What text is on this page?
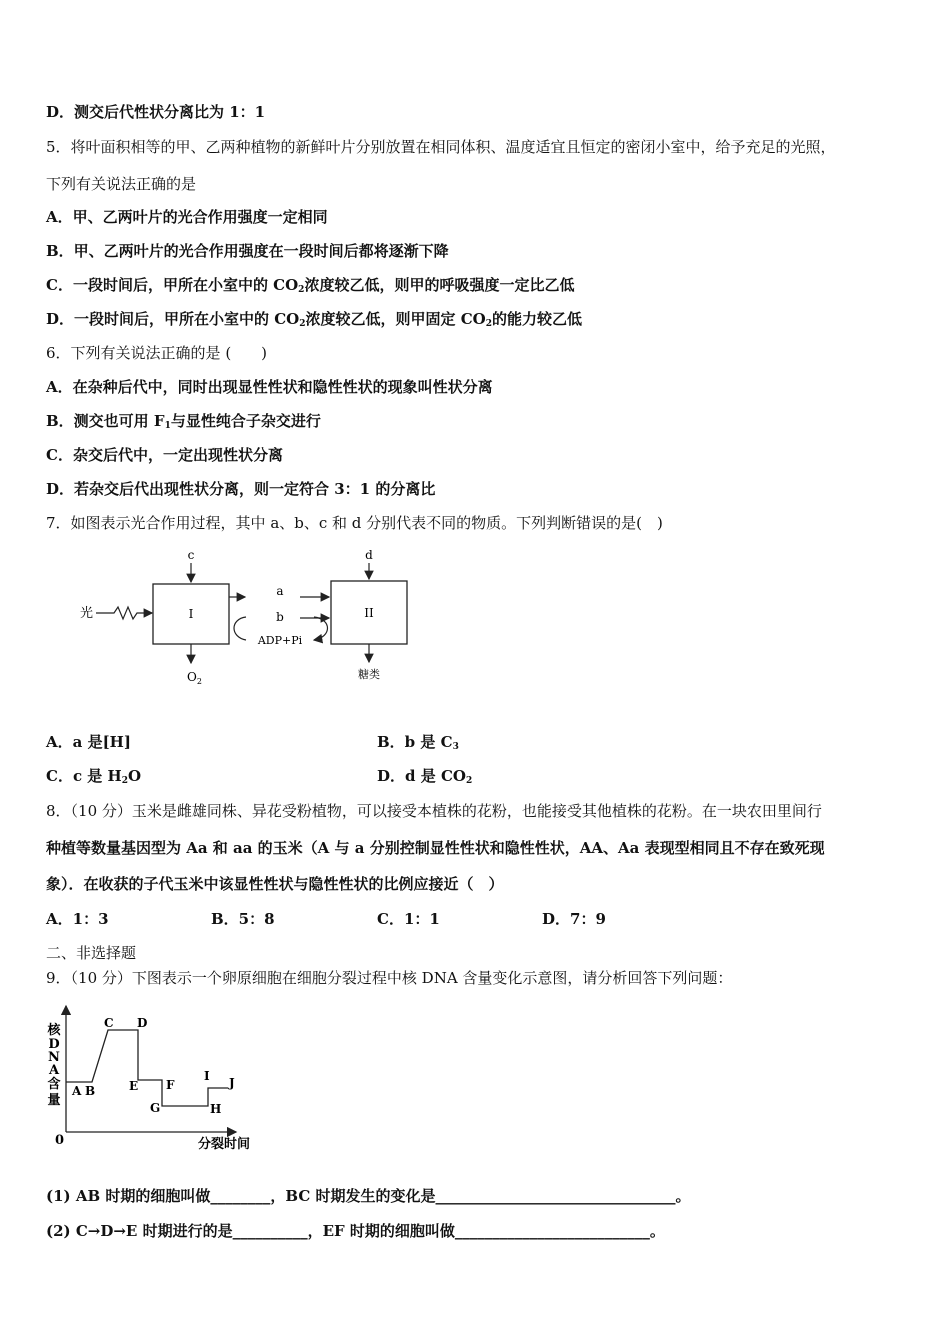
D．测交后代性状分离比为 1：1
5．将叶面积相等的甲、乙两种植物的新鲜叶片分别放置在相同体积、温度适宜且恒定的密闭小室中，给予充足的光照，
下列有关说法正确的是
A．甲、乙两叶片的光合作用强度一定相同
B．甲、乙两叶片的光合作用强度在一段时间后都将逐渐下降
C．一段时间后，甲所在小室中的 $CO_2$浓度较乙低，则甲的呼吸强度一定比乙低
D．一段时间后，甲所在小室中的 $CO_2$浓度较乙低，则甲固定 $CO_2$的能力较乙低
6．下列有关说法正确的是 (　　)
A．在杂种后代中，同时出现显性性状和隐性性状的现象叫性状分离
B．测交也可用 $F_1$与显性纯合子杂交进行
C．杂交后代中，一定出现性状分离
D．若杂交后代出现性状分离，则一定符合 3：1 的分离比
7．如图表示光合作用过程，其中 a、b、c 和 d 分别代表不同的物质。下列判断错误的是(　)
光	I	II
c	d
a
b
ADP+Pi
$O_2$
糖类
A．a 是[H]	B．b 是 $C_3$
C．c 是 $H_2O$	D．d 是 $CO_2$
8．（10 分）玉米是雌雄同株、异花受粉植物，可以接受本植株的花粉，也能接受其他植株的花粉。在一块农田里间行
种植等数量基因型为 Aa 和 aa 的玉米（A 与 a 分别控制显性性状和隐性性状，AA、Aa 表现型相同且不存在致死现
象）．在收获的子代玉米中该显性性状与隐性性状的比例应接近（　）
A．1：3	B．5：8	C．1：1	D．7：9
二、非选择题
9．（10 分）下图表示一个卵原细胞在细胞分裂过程中核 DNA 含量变化示意图，请分析回答下列问题：
核
D
N
A
含
量
0	分裂时间
A B
C D
E F
G	H
I J
(1) AB 时期的细胞叫做________，BC 时期发生的变化是________________________________。
(2) C→D→E 时期进行的是__________，EF 时期的细胞叫做__________________________。
